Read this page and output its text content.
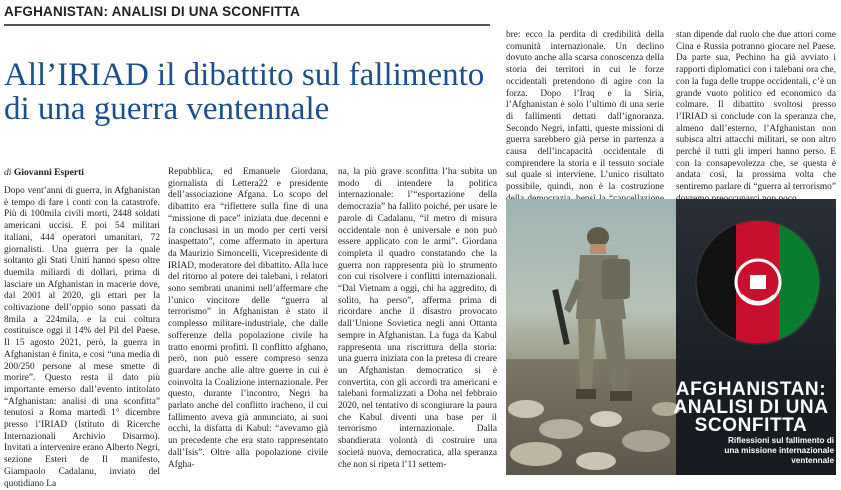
AFGHANISTAN: ANALISI DI UNA SCONFITTA
All’IRIAD il dibattito sul fallimento
di una guerra ventennale
di Giovanni Esperti

Dopo vent’anni di guerra, in Afghanistan è tempo di fare i conti con la catastrofe. Più di 100mila civili morti, 2448 soldati americani uccisi. E poi 54 militari italiani, 444 operatori umanitari, 72 giornalisti. Una guerra per la quale soltanto gli Stati Uniti hanno speso oltre duemila miliardi di dollari, prima di lasciare un Afghanistan in macerie dove, dal 2001 al 2020, gli ettari per la coltivazione dell’oppio sono passati da 8mila a 224mila, e la cui coltura costituisce oggi il 14% del Pil del Paese. Il 15 agosto 2021, però, la guerra in Afghanistan è finita, e così “una media di 200/250 persone al mese smette di morire”. Questo resta il dato più importante emerso dall’evento intitolato “Afghanistan: analisi di una sconfitta” tenutosi a Roma martedì 1° dicembre presso l’IRIAD (Istituto di Ricerche Internazionali Archivio Disarmo). Invitati a intervenire erano Alberto Negri, sezione Esteri de Il manifesto, Giampaolo Cadalanu, inviato del quotidiano La

Repubblica, ed Emanuele Giordana, giornalista di Lettera22 e presidente dell’associazione Afgana. Lo scopo del dibattito era “riflettere sulla fine di una “missione di pace” iniziata due decenni e fa conclusasi in un modo per certi versi inaspettato”, come affermato in apertura da Maurizio Simoncelli, Vicepresidente di IRIAD, moderatore del dibattito. Alla luce del ritorno al potere dei talebani, i relatori sono sembrati unanimi nell’affermare che l’unico vincitore delle “guerra al terrorismo” in Afghanistan è stato il complesso militare-industriale, che dalle sofferenze della popolazione civile ha tratto enormi profitti. Il conflitto afghano, però, non può essere compreso senza guardare anche alle altre guerre in cui è coinvolta la Coalizione internazionale. Per questo, durante l’incontro, Negri ha parlato anche del conflitto iracheno, il cui fallimento aveva già annunciato, ai suoi occhi, la disfatta di Kabul: “avevamo già un precedente che era stato rappresentato dall’Isis”. Oltre alla popolazione civile Afgha-

na, la più grave sconfitta l’ha subita un modo di intendere la politica internazionale: l’“esportazione della democrazia” ha fallito poiché, per usare le parole di Cadalanu, “il metro di misura occidentale non è universale e non può essere applicato con le armi”. Giordana completa il quadro constatando che la guerra non rappresenta più lo strumento con cui risolvere i conflitti internazionali. “Dal Vietnam a oggi, chi ha aggredito, di solito, ha perso”, afferma prima di ricordare anche il disastro provocato dall’Unione Sovietica negli anni Ottanta sempre in Afghanistan. La fuga da Kabul rappresenta una riscrittura della storia: una guerra iniziata con la pretesa di creare un Afghanistan democratico si è convertita, con gli accordi tra americani e talebani formalizzati a Doha nel febbraio 2020, nel tentativo di scongiurare la paura che Kabul diventi una base per il terrorismo internazionale. Dalla sbandierata volontà di costruire una società nuova, democratica, alla speranza che non si ripeta l’11 settem-

bre: ecco la perdita di credibilità della comunità internazionale. Un declino dovuto anche alla scarsa conoscenza della storia dei territori in cui le forze occidentali pretendono di agire con la forza. Dopo l’Iraq e la Siria, l’Afghanistan è solo l’ultimo di una serie di fallimenti dettati dall’ignoranza. Secondo Negri, infatti, queste missioni di guerra sarebbero già perse in partenza a causa dell’incapacità occidentale di comprendere la storia e il tessuto sociale sul quale si interviene. L’unico risultato possibile, quindi, non è la costruzione

stan dipende dal ruolo che due attori come Cina e Russia potranno giocare nel Paese. Da parte sua, Pechino ha già avviato i rapporti diplomatici con i talebani ora che, con la fuga delle truppe occidentali, c’è un grande vuoto politico ed economico da colmare. Il dibattito svoltosi presso l’IRIAD si conclude con la speranza che, almeno dall’esterno, l’Afghanistan non subisca altri attacchi militari, se non altro perché il tutti gli imperi hanno perso. E con la consapevolezza che, se questa è andata così, la prossima volta che sentiremo parlare di “guerra al terrorismo”

AFGHANISTAN:
ANALISI DI UNA
SCONFITTA
Riflessioni sul fallimento di
una missione internazionale
ventennale
